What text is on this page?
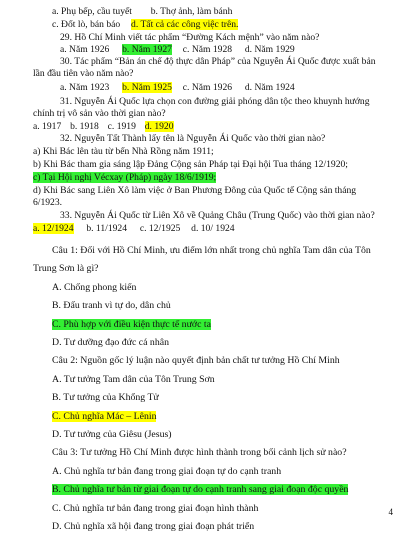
a. Phụ bếp, cầu tuyết b. Thợ ảnh, làm bánh
c. Đốt lò, bán báo d. Tất cả các công việc trên.
29. Hồ Chí Minh viết tác phẩm “Đường Kách mệnh” vào năm nào?
a. Năm 1926 b. Năm 1927 c. Năm 1928 d. Năm 1929
30. Tác phẩm “Bản án chế độ thực dân Pháp” của Nguyễn Ái Quốc được xuất bản
lần đầu tiên vào năm nào?
a. Năm 1923 b. Năm 1925 c. Năm 1926 d. Năm 1924
31. Nguyễn Ái Quốc lựa chọn con đường giải phóng dân tộc theo khuynh hướng
chính trị vô sản vào thời gian nào?
a. 1917 b. 1918 c. 1919 d. 1920
32. Nguyễn Tất Thành lấy tên là Nguyễn Ái Quốc vào thời gian nào?
a) Khi Bác lên tàu từ bến Nhà Rồng năm 1911;
b) Khi Bác tham gia sáng lập Đảng Cộng sản Pháp tại Đại hội Tua tháng 12/1920;
c) Tại Hội nghị Vécxay (Pháp) ngày 18/6/1919;
d) Khi Bác sang Liên Xô làm việc ở Ban Phương Đông của Quốc tế Cộng sản tháng
6/1923.
33. Nguyễn Ái Quốc từ Liên Xô về Quảng Châu (Trung Quốc) vào thời gian nào?
a. 12/1924 b. 11/1924 c. 12/1925 d. 10/ 1924
Câu 1: Đối với Hồ Chí Minh, ưu điểm lớn nhất trong chủ nghĩa Tam dân của Tôn
Trung Sơn là gì?
A. Chống phong kiến
B. Đấu tranh vì tự do, dân chủ
C. Phù hợp với điều kiện thực tế nước ta
D. Tư dưỡng đạo đức cá nhân
Câu 2: Nguồn gốc lý luận nào quyết định bản chất tư tưởng Hồ Chí Minh
A. Tư tưởng Tam dân của Tôn Trung Sơn
B. Tư tưởng của Khổng Tử
C. Chủ nghĩa Mác – Lênin
D. Tư tưởng của Giêsu (Jesus)
Câu 3: Tư tưởng Hồ Chí Minh được hình thành trong bối cảnh lịch sử nào?
A. Chủ nghĩa tư bản đang trong giai đoạn tự do cạnh tranh
B. Chủ nghĩa tư bản từ giai đoạn tự do cạnh tranh sang giai đoạn độc quyền
C. Chủ nghĩa tư bản đang trong giai đoạn hình thành	4
D. Chủ nghĩa xã hội đang trong giai đoạn phát triển
